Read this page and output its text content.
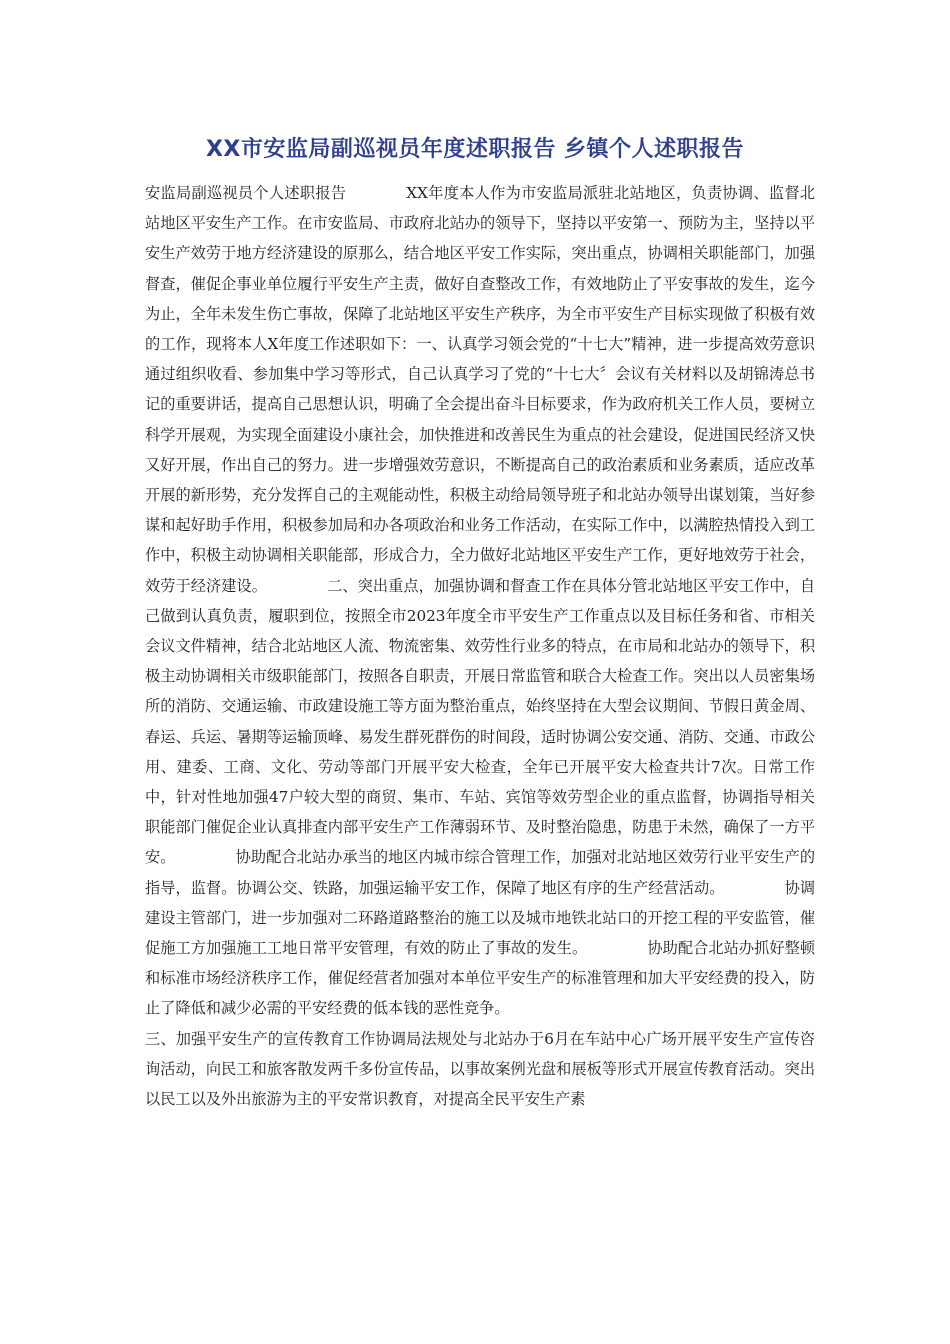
XX市安监局副巡视员年度述职报告 乡镇个人述职报告

安监局副巡视员个人述职报告	XX年度本人作为市安监局派驻北站地区，负责协调、监督北站地区平安生产工作。在市安监局、市政府北站办的领导下，坚持以平安第一、预防为主，坚持以平安生产效劳于地方经济建设的原那么，结合地区平安工作实际，突出重点，协调相关职能部门，加强督查，催促企事业单位履行平安生产主责，做好自查整改工作，有效地防止了平安事故的发生，迄今为止，全年未发生伤亡事故，保障了北站地区平安生产秩序，为全市平安生产目标实现做了积极有效的工作，现将本人X年度工作述职如下：一、认真学习领会党的“十七大”精神，进一步提高效劳意识通过组织收看、参加集中学习等形式，自己认真学习了党的“十七大〞会议有关材料以及胡锦涛总书记的重要讲话，提高自己思想认识，明确了全会提出奋斗目标要求，作为政府机关工作人员，要树立科学开展观，为实现全面建设小康社会，加快推进和改善民生为重点的社会建设，促进国民经济又快又好开展，作出自己的努力。进一步增强效劳意识，不断提高自己的政治素质和业务素质，适应改革开展的新形势，充分发挥自己的主观能动性，积极主动给局领导班子和北站办领导出谋划策，当好参谋和起好助手作用，积极参加局和办各项政治和业务工作活动，在实际工作中，以满腔热情投入到工作中，积极主动协调相关职能部，形成合力，全力做好北站地区平安生产工作，更好地效劳于社会，效劳于经济建设。	二、突出重点，加强协调和督查工作在具体分管北站地区平安工作中，自己做到认真负责，履职到位，按照全市2023年度全市平安生产工作重点以及目标任务和省、市相关会议文件精神，结合北站地区人流、物流密集、效劳性行业多的特点，在市局和北站办的领导下，积极主动协调相关市级职能部门，按照各自职责，开展日常监管和联合大检查工作。突出以人员密集场所的消防、交通运输、市政建设施工等方面为整治重点，始终坚持在大型会议期间、节假日黄金周、春运、兵运、暑期等运输顶峰、易发生群死群伤的时间段，适时协调公安交通、消防、交通、市政公用、建委、工商、文化、劳动等部门开展平安大检查，全年已开展平安大检查共计7次。日常工作中，针对性地加强47户较大型的商贸、集市、车站、宾馆等效劳型企业的重点监督，协调指导相关职能部门催促企业认真排查内部平安生产工作薄弱环节、及时整治隐患，防患于未然，确保了一方平安。	协助配合北站办承当的地区内城市综合管理工作，加强对北站地区效劳行业平安生产的指导，监督。协调公交、铁路，加强运输平安工作，保障了地区有序的生产经营活动。	协调建设主管部门，进一步加强对二环路道路整治的施工以及城市地铁北站口的开挖工程的平安监管，催促施工方加强施工工地日常平安管理，有效的防止了事故的发生。	协助配合北站办抓好整顿和标准市场经济秩序工作，催促经营者加强对本单位平安生产的标准管理和加大平安经费的投入，防止了降低和减少必需的平安经费的低本钱的恶性竞争。

三、加强平安生产的宣传教育工作协调局法规处与北站办于6月在车站中心广场开展平安生产宣传咨询活动，向民工和旅客散发两千多份宣传品，以事故案例光盘和展板等形式开展宣传教育活动。突出以民工以及外出旅游为主的平安常识教育，对提高全民平安生产素
